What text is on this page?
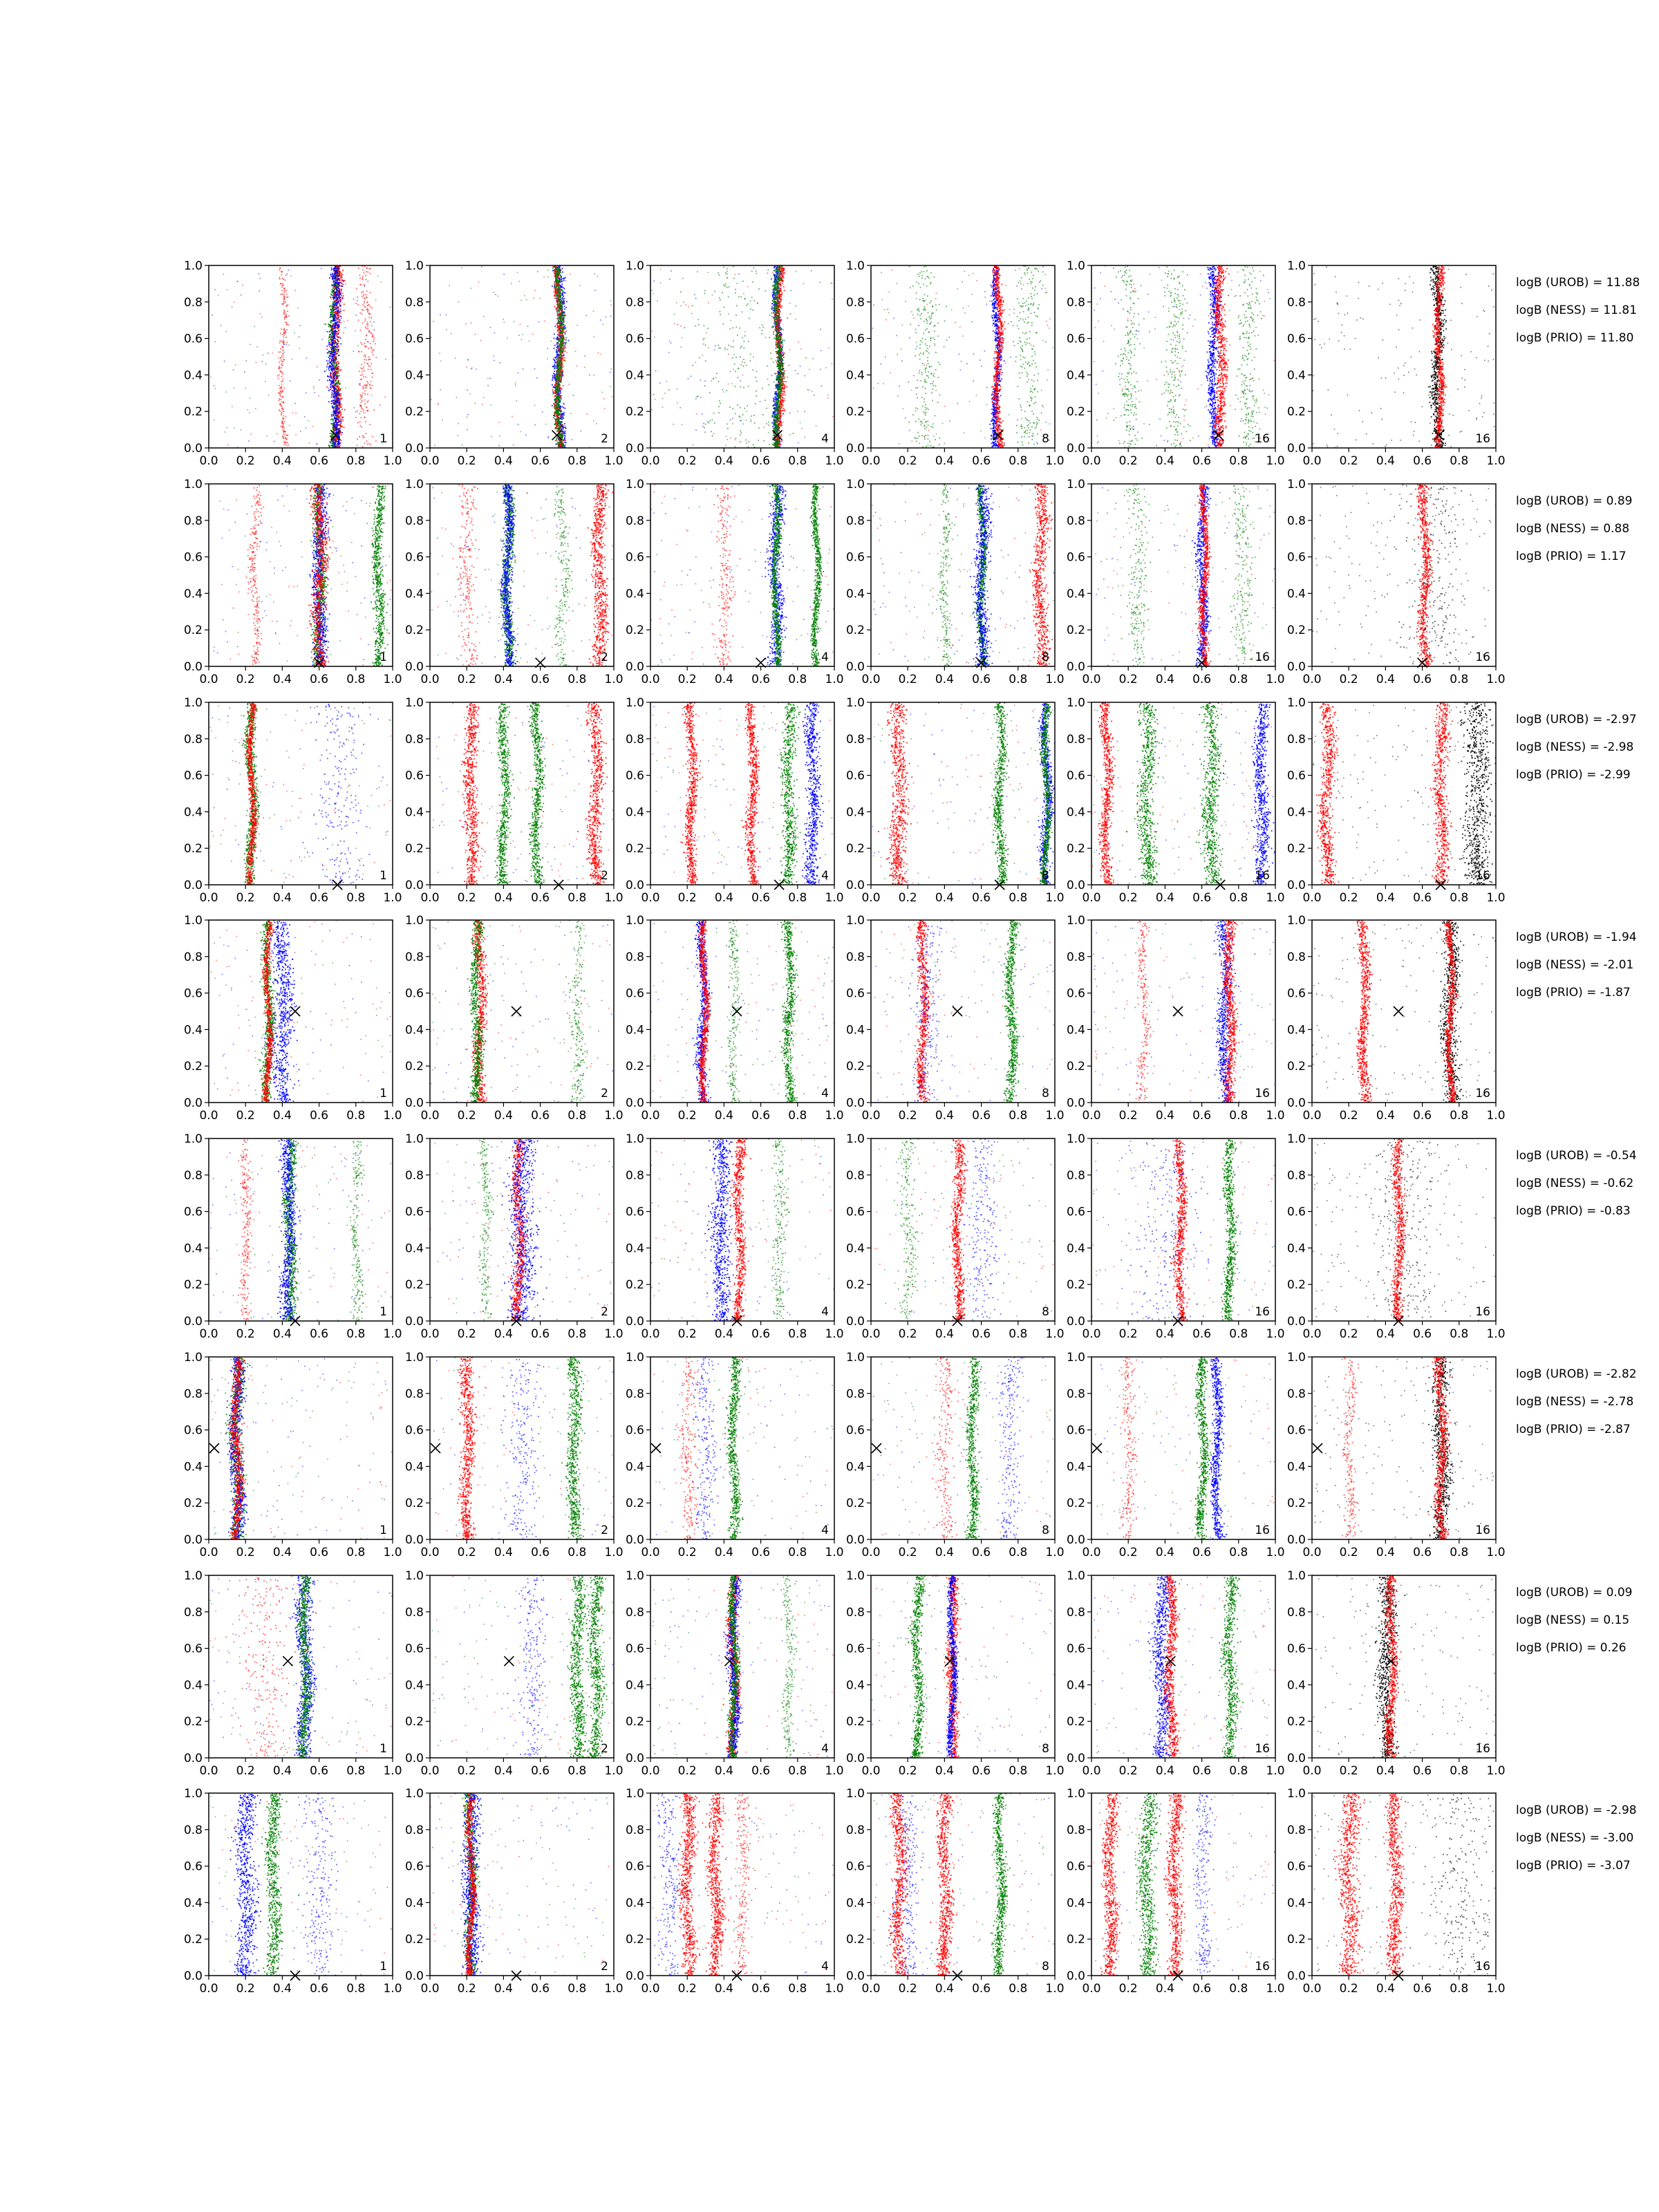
0.0
0.0
0.2
0.2
0.4
0.4
0.6
0.6
0.8
0.8
1.0
1.0
1
0.0
0.0
0.2
0.2
0.4
0.4
0.6
0.6
0.8
0.8
1.0
1.0
2
0.0
0.0
0.2
0.2
0.4
0.4
0.6
0.6
0.8
0.8
1.0
1.0
4
0.0
0.0
0.2
0.2
0.4
0.4
0.6
0.6
0.8
0.8
1.0
1.0
8
0.0
0.0
0.2
0.2
0.4
0.4
0.6
0.6
0.8
0.8
1.0
1.0
16
0.0
0.0
0.2
0.2
0.4
0.4
0.6
0.6
0.8
0.8
1.0
1.0
16
logB (UROB) = 11.88
logB (NESS) = 11.81
logB (PRIO) = 11.80
0.0
0.0
0.2
0.2
0.4
0.4
0.6
0.6
0.8
0.8
1.0
1.0
1
0.0
0.0
0.2
0.2
0.4
0.4
0.6
0.6
0.8
0.8
1.0
1.0
2
0.0
0.0
0.2
0.2
0.4
0.4
0.6
0.6
0.8
0.8
1.0
1.0
4
0.0
0.0
0.2
0.2
0.4
0.4
0.6
0.6
0.8
0.8
1.0
1.0
8
0.0
0.0
0.2
0.2
0.4
0.4
0.6
0.6
0.8
0.8
1.0
1.0
16
0.0
0.0
0.2
0.2
0.4
0.4
0.6
0.6
0.8
0.8
1.0
1.0
16
logB (UROB) = 0.89
logB (NESS) = 0.88
logB (PRIO) = 1.17
0.0
0.0
0.2
0.2
0.4
0.4
0.6
0.6
0.8
0.8
1.0
1.0
1
0.0
0.0
0.2
0.2
0.4
0.4
0.6
0.6
0.8
0.8
1.0
1.0
2
0.0
0.0
0.2
0.2
0.4
0.4
0.6
0.6
0.8
0.8
1.0
1.0
4
0.0
0.0
0.2
0.2
0.4
0.4
0.6
0.6
0.8
0.8
1.0
1.0
8
0.0
0.0
0.2
0.2
0.4
0.4
0.6
0.6
0.8
0.8
1.0
1.0
16
0.0
0.0
0.2
0.2
0.4
0.4
0.6
0.6
0.8
0.8
1.0
1.0
16
logB (UROB) = -2.97
logB (NESS) = -2.98
logB (PRIO) = -2.99
0.0
0.0
0.2
0.2
0.4
0.4
0.6
0.6
0.8
0.8
1.0
1.0
1
0.0
0.0
0.2
0.2
0.4
0.4
0.6
0.6
0.8
0.8
1.0
1.0
2
0.0
0.0
0.2
0.2
0.4
0.4
0.6
0.6
0.8
0.8
1.0
1.0
4
0.0
0.0
0.2
0.2
0.4
0.4
0.6
0.6
0.8
0.8
1.0
1.0
8
0.0
0.0
0.2
0.2
0.4
0.4
0.6
0.6
0.8
0.8
1.0
1.0
16
0.0
0.0
0.2
0.2
0.4
0.4
0.6
0.6
0.8
0.8
1.0
1.0
16
logB (UROB) = -1.94
logB (NESS) = -2.01
logB (PRIO) = -1.87
0.0
0.0
0.2
0.2
0.4
0.4
0.6
0.6
0.8
0.8
1.0
1.0
1
0.0
0.0
0.2
0.2
0.4
0.4
0.6
0.6
0.8
0.8
1.0
1.0
2
0.0
0.0
0.2
0.2
0.4
0.4
0.6
0.6
0.8
0.8
1.0
1.0
4
0.0
0.0
0.2
0.2
0.4
0.4
0.6
0.6
0.8
0.8
1.0
1.0
8
0.0
0.0
0.2
0.2
0.4
0.4
0.6
0.6
0.8
0.8
1.0
1.0
16
0.0
0.0
0.2
0.2
0.4
0.4
0.6
0.6
0.8
0.8
1.0
1.0
16
logB (UROB) = -0.54
logB (NESS) = -0.62
logB (PRIO) = -0.83
0.0
0.0
0.2
0.2
0.4
0.4
0.6
0.6
0.8
0.8
1.0
1.0
1
0.0
0.0
0.2
0.2
0.4
0.4
0.6
0.6
0.8
0.8
1.0
1.0
2
0.0
0.0
0.2
0.2
0.4
0.4
0.6
0.6
0.8
0.8
1.0
1.0
4
0.0
0.0
0.2
0.2
0.4
0.4
0.6
0.6
0.8
0.8
1.0
1.0
8
0.0
0.0
0.2
0.2
0.4
0.4
0.6
0.6
0.8
0.8
1.0
1.0
16
0.0
0.0
0.2
0.2
0.4
0.4
0.6
0.6
0.8
0.8
1.0
1.0
16
logB (UROB) = -2.82
logB (NESS) = -2.78
logB (PRIO) = -2.87
0.0
0.0
0.2
0.2
0.4
0.4
0.6
0.6
0.8
0.8
1.0
1.0
1
0.0
0.0
0.2
0.2
0.4
0.4
0.6
0.6
0.8
0.8
1.0
1.0
2
0.0
0.0
0.2
0.2
0.4
0.4
0.6
0.6
0.8
0.8
1.0
1.0
4
0.0
0.0
0.2
0.2
0.4
0.4
0.6
0.6
0.8
0.8
1.0
1.0
8
0.0
0.0
0.2
0.2
0.4
0.4
0.6
0.6
0.8
0.8
1.0
1.0
16
0.0
0.0
0.2
0.2
0.4
0.4
0.6
0.6
0.8
0.8
1.0
1.0
16
logB (UROB) = 0.09
logB (NESS) = 0.15
logB (PRIO) = 0.26
0.0
0.0
0.2
0.2
0.4
0.4
0.6
0.6
0.8
0.8
1.0
1.0
1
0.0
0.0
0.2
0.2
0.4
0.4
0.6
0.6
0.8
0.8
1.0
1.0
2
0.0
0.0
0.2
0.2
0.4
0.4
0.6
0.6
0.8
0.8
1.0
1.0
4
0.0
0.0
0.2
0.2
0.4
0.4
0.6
0.6
0.8
0.8
1.0
1.0
8
0.0
0.0
0.2
0.2
0.4
0.4
0.6
0.6
0.8
0.8
1.0
1.0
16
0.0
0.0
0.2
0.2
0.4
0.4
0.6
0.6
0.8
0.8
1.0
1.0
16
logB (UROB) = -2.98
logB (NESS) = -3.00
logB (PRIO) = -3.07
